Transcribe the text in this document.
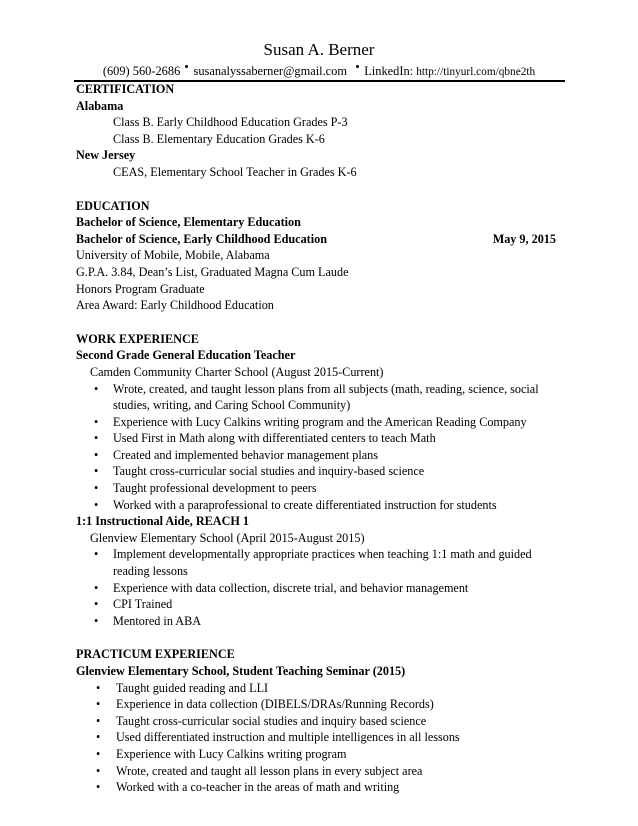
Susan A. Berner
(609) 560-2686 susanalyssaberner@gmail.com LinkedIn: http://tinyurl.com/qbne2th
CERTIFICATION
Alabama
Class B. Early Childhood Education Grades P-3
Class B. Elementary Education Grades K-6
New Jersey
CEAS, Elementary School Teacher in Grades K-6
EDUCATION
Bachelor of Science, Elementary Education
Bachelor of Science, Early Childhood Education	May 9, 2015
University of Mobile, Mobile, Alabama
G.P.A. 3.84, Dean’s List, Graduated Magna Cum Laude
Honors Program Graduate
Area Award: Early Childhood Education
WORK EXPERIENCE
Second Grade General Education Teacher
Camden Community Charter School (August 2015-Current)
• Wrote, created, and taught lesson plans from all subjects (math, reading, science, social
studies, writing, and Caring School Community)
• Experience with Lucy Calkins writing program and the American Reading Company
• Used First in Math along with differentiated centers to teach Math
• Created and implemented behavior management plans
• Taught cross-curricular social studies and inquiry-based science
• Taught professional development to peers
• Worked with a paraprofessional to create differentiated instruction for students
1:1 Instructional Aide, REACH 1
Glenview Elementary School (April 2015-August 2015)
• Implement developmentally appropriate practices when teaching 1:1 math and guided
reading lessons
• Experience with data collection, discrete trial, and behavior management
• CPI Trained
• Mentored in ABA
PRACTICUM EXPERIENCE
Glenview Elementary School, Student Teaching Seminar (2015)
• Taught guided reading and LLI
• Experience in data collection (DIBELS/DRAs/Running Records)
• Taught cross-curricular social studies and inquiry based science
• Used differentiated instruction and multiple intelligences in all lessons
• Experience with Lucy Calkins writing program
• Wrote, created and taught all lesson plans in every subject area
• Worked with a co-teacher in the areas of math and writing
